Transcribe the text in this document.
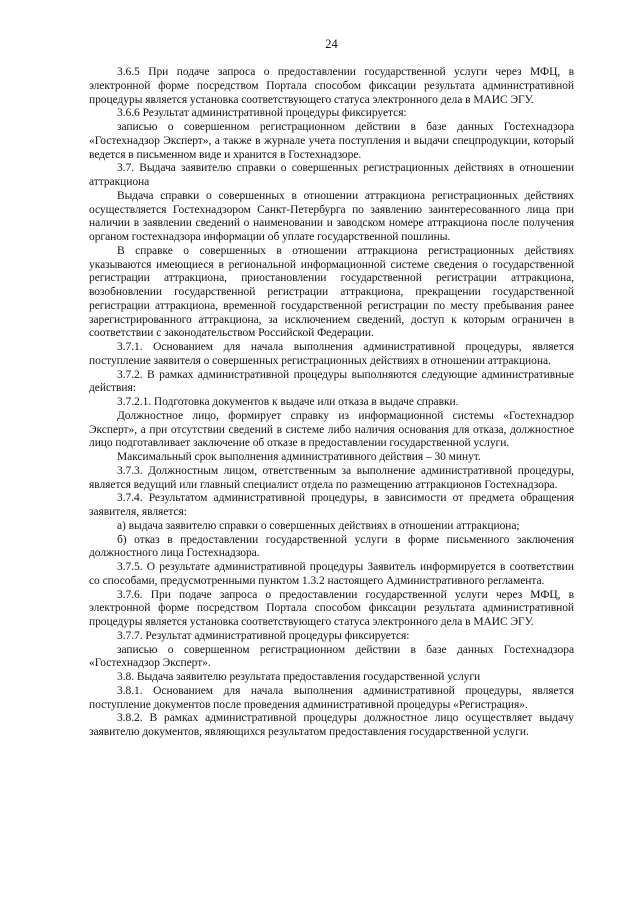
24

3.6.5 При подаче запроса о предоставлении государственной услуги через МФЦ, в электронной форме посредством Портала способом фиксации результата административной процедуры является установка соответствующего статуса электронного дела в МАИС ЭГУ.

3.6.6 Результат административной процедуры фиксируется:

записью о совершенном регистрационном действии в базе данных Гостехнадзора «Гостехнадзор Эксперт», а также в журнале учета поступления и выдачи спецпродукции, который ведется в письменном виде и хранится в Гостехнадзоре.

3.7. Выдача заявителю справки о совершенных регистрационных действиях в отношении аттракциона

Выдача справки о совершенных в отношении аттракциона регистрационных действиях осуществляется Гостехнадзором Санкт-Петербурга по заявлению заинтересованного лица при наличии в заявлении сведений о наименовании и заводском номере аттракциона после получения органом гостехнадзора информации об уплате государственной пошлины.

В справке о совершенных в отношении аттракциона регистрационных действиях указываются имеющиеся в региональной информационной системе сведения о государственной регистрации аттракциона, приостановлении государственной регистрации аттракциона, возобновлении государственной регистрации аттракциона, прекращении государственной регистрации аттракциона, временной государственной регистрации по месту пребывания ранее зарегистрированного аттракциона, за исключением сведений, доступ к которым ограничен в соответствии с законодательством Российской Федерации.

3.7.1. Основанием для начала выполнения административной процедуры, является поступление заявителя о совершенных регистрационных действиях в отношении аттракциона.

3.7.2. В рамках административной процедуры выполняются следующие административные действия:

3.7.2.1. Подготовка документов к выдаче или отказа в выдаче справки.

Должностное лицо, формирует справку из информационной системы «Гостехнадзор Эксперт», а при отсутствии сведений в системе либо наличия основания для отказа, должностное лицо подготавливает заключение об отказе в предоставлении государственной услуги.

Максимальный срок выполнения административного действия – 30 минут.

3.7.3. Должностным лицом, ответственным за выполнение административной процедуры, является ведущий или главный специалист отдела по размещению аттракционов Гостехнадзора.

3.7.4. Результатом административной процедуры, в зависимости от предмета обращения заявителя, является:

а) выдача заявителю справки о совершенных действиях в отношении аттракциона;

б) отказ в предоставлении государственной услуги в форме письменного заключения должностного лица Гостехнадзора.

3.7.5. О результате административной процедуры Заявитель информируется в соответствии со способами, предусмотренными пунктом 1.3.2 настоящего Административного регламента.

3.7.6. При подаче запроса о предоставлении государственной услуги через МФЦ, в электронной форме посредством Портала способом фиксации результата административной процедуры является установка соответствующего статуса электронного дела в МАИС ЭГУ.

3.7.7. Результат административной процедуры фиксируется:

записью о совершенном регистрационном действии в базе данных Гостехнадзора «Гостехнадзор Эксперт».

3.8. Выдача заявителю результата предоставления государственной услуги

3.8.1. Основанием для начала выполнения административной процедуры, является поступление документов после проведения административной процедуры «Регистрация».

3.8.2. В рамках административной процедуры должностное лицо осуществляет выдачу заявителю документов, являющихся результатом предоставления государственной услуги.
